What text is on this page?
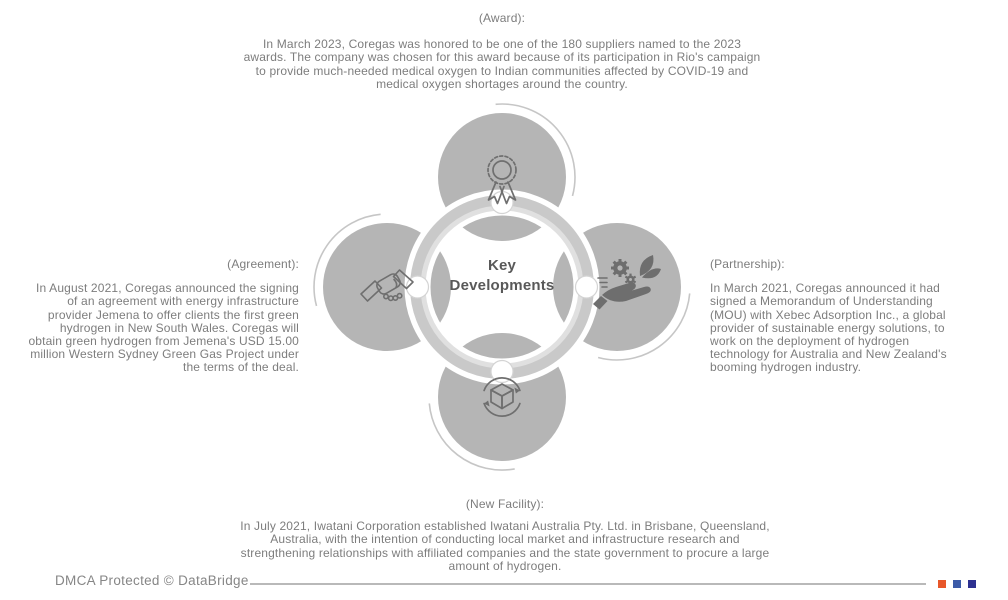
(Award):

In March 2023, Coregas was honored to be one of the 180 suppliers named to the 2023 awards. The company was chosen for this award because of its participation in Rio's campaign to provide much-needed medical oxygen to Indian communities affected by COVID-19 and medical oxygen shortages around the country.

(Agreement):

In August 2021, Coregas announced the signing of an agreement with energy infrastructure provider Jemena to offer clients the first green hydrogen in New South Wales. Coregas will obtain green hydrogen from Jemena's USD 15.00 million Western Sydney Green Gas Project under the terms of the deal.

(Partnership):

In March 2021, Coregas announced it had signed a Memorandum of Understanding (MOU) with Xebec Adsorption Inc., a global provider of sustainable energy solutions, to work on the deployment of hydrogen technology for Australia and New Zealand's booming hydrogen industry.

(New Facility):

In July 2021, Iwatani Corporation established Iwatani Australia Pty. Ltd. in Brisbane, Queensland, Australia, with the intention of conducting local market and infrastructure research and strengthening relationships with affiliated companies and the state government to procure a large amount of hydrogen.

Key Developments
DMCA Protected © DataBridge
